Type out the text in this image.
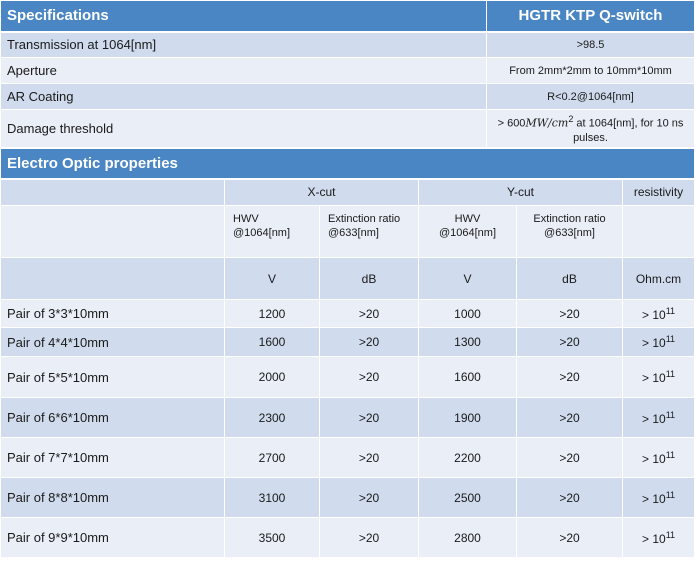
Specifications	HGTR KTP Q-switch
Transmission at 1064[nm]	>98.5
Aperture	From 2mm*2mm to 10mm*10mm
AR Coating	R<0.2@1064[nm]
Damage threshold	> $600MW/cm^2$ at 1064[nm], for 10 ns pulses.
Electro Optic properties					
	X-cut		Y-cut		resistivity
	HWV @1064[nm]	Extinction ratio @633[nm]	HWV @1064[nm]	Extinction ratio @633[nm]	
	V	dB	V	dB	Ohm.cm
Pair of 3*3*10mm	1200	>20	1000	>20	> $10^{11}$
Pair of 4*4*10mm	1600	>20	1300	>20	> $10^{11}$
Pair of 5*5*10mm	2000	>20	1600	>20	> $10^{11}$
Pair of 6*6*10mm	2300	>20	1900	>20	> $10^{11}$
Pair of 7*7*10mm	2700	>20	2200	>20	> $10^{11}$
Pair of 8*8*10mm	3100	>20	2500	>20	> $10^{11}$
Pair of 9*9*10mm	3500	>20	2800	>20	> $10^{11}$
